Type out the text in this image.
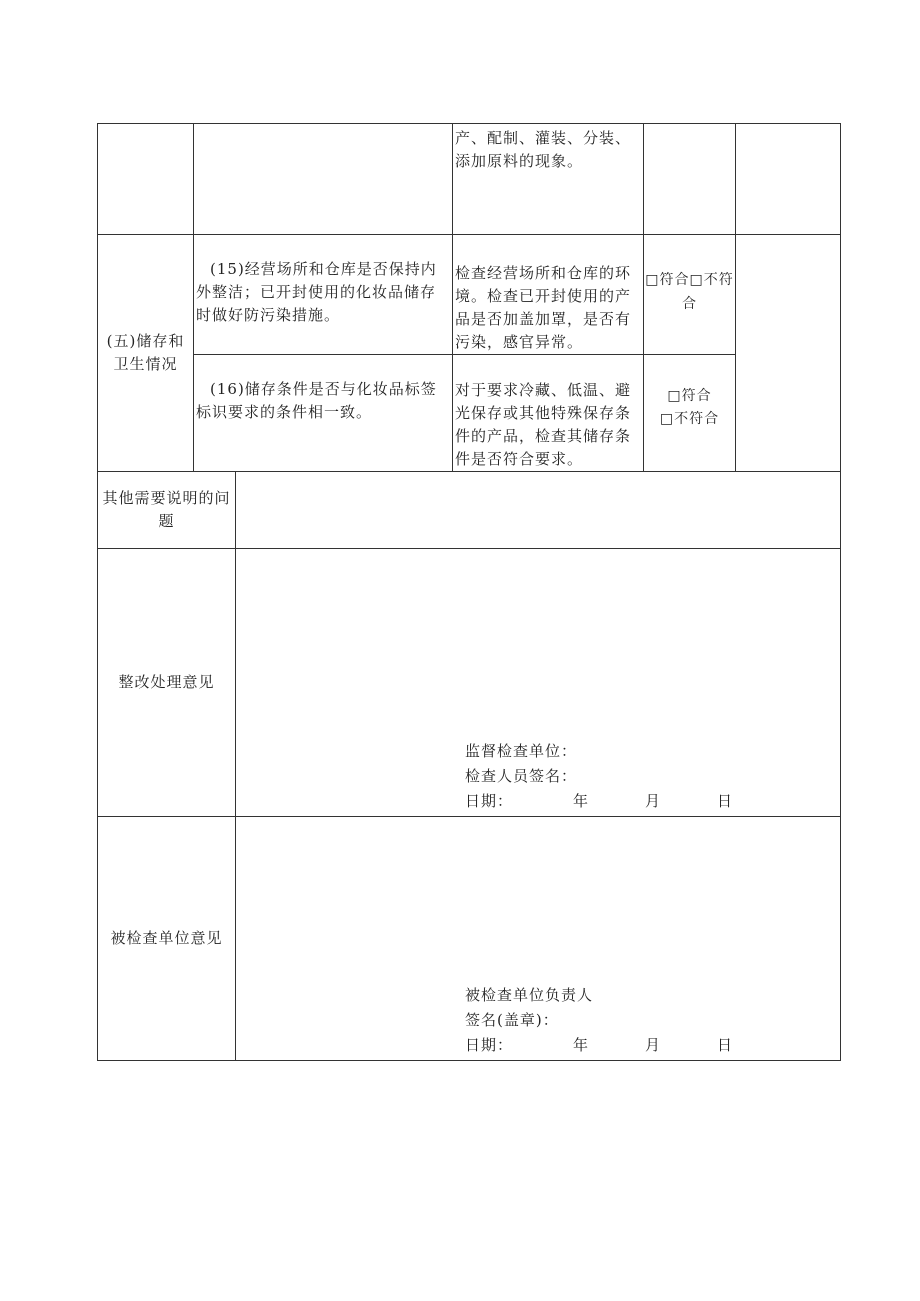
			产、配制、灌装、分装、添加原料的现象。		
(五)储存和卫生情况	(15)经营场所和仓库是否保持内外整洁；已开封使用的化妆品储存时做好防污染措施。		检查经营场所和仓库的环境。检查已开封使用的产品是否加盖加罩，是否有污染，感官异常。	□符合□不符合	
	(16)储存条件是否与化妆品标签标识要求的条件相一致。		对于要求冷藏、低温、避光保存或其他特殊保存条件的产品，检查其储存条件是否符合要求。	□符合
□不符合	

其他需要说明的问题					
整改处理意见		监督检查单位：
检查人员签名：
日期： 年 月 日			

被检查单位意见		被检查单位负责人
签名(盖章)：
日期： 年 月 日			
